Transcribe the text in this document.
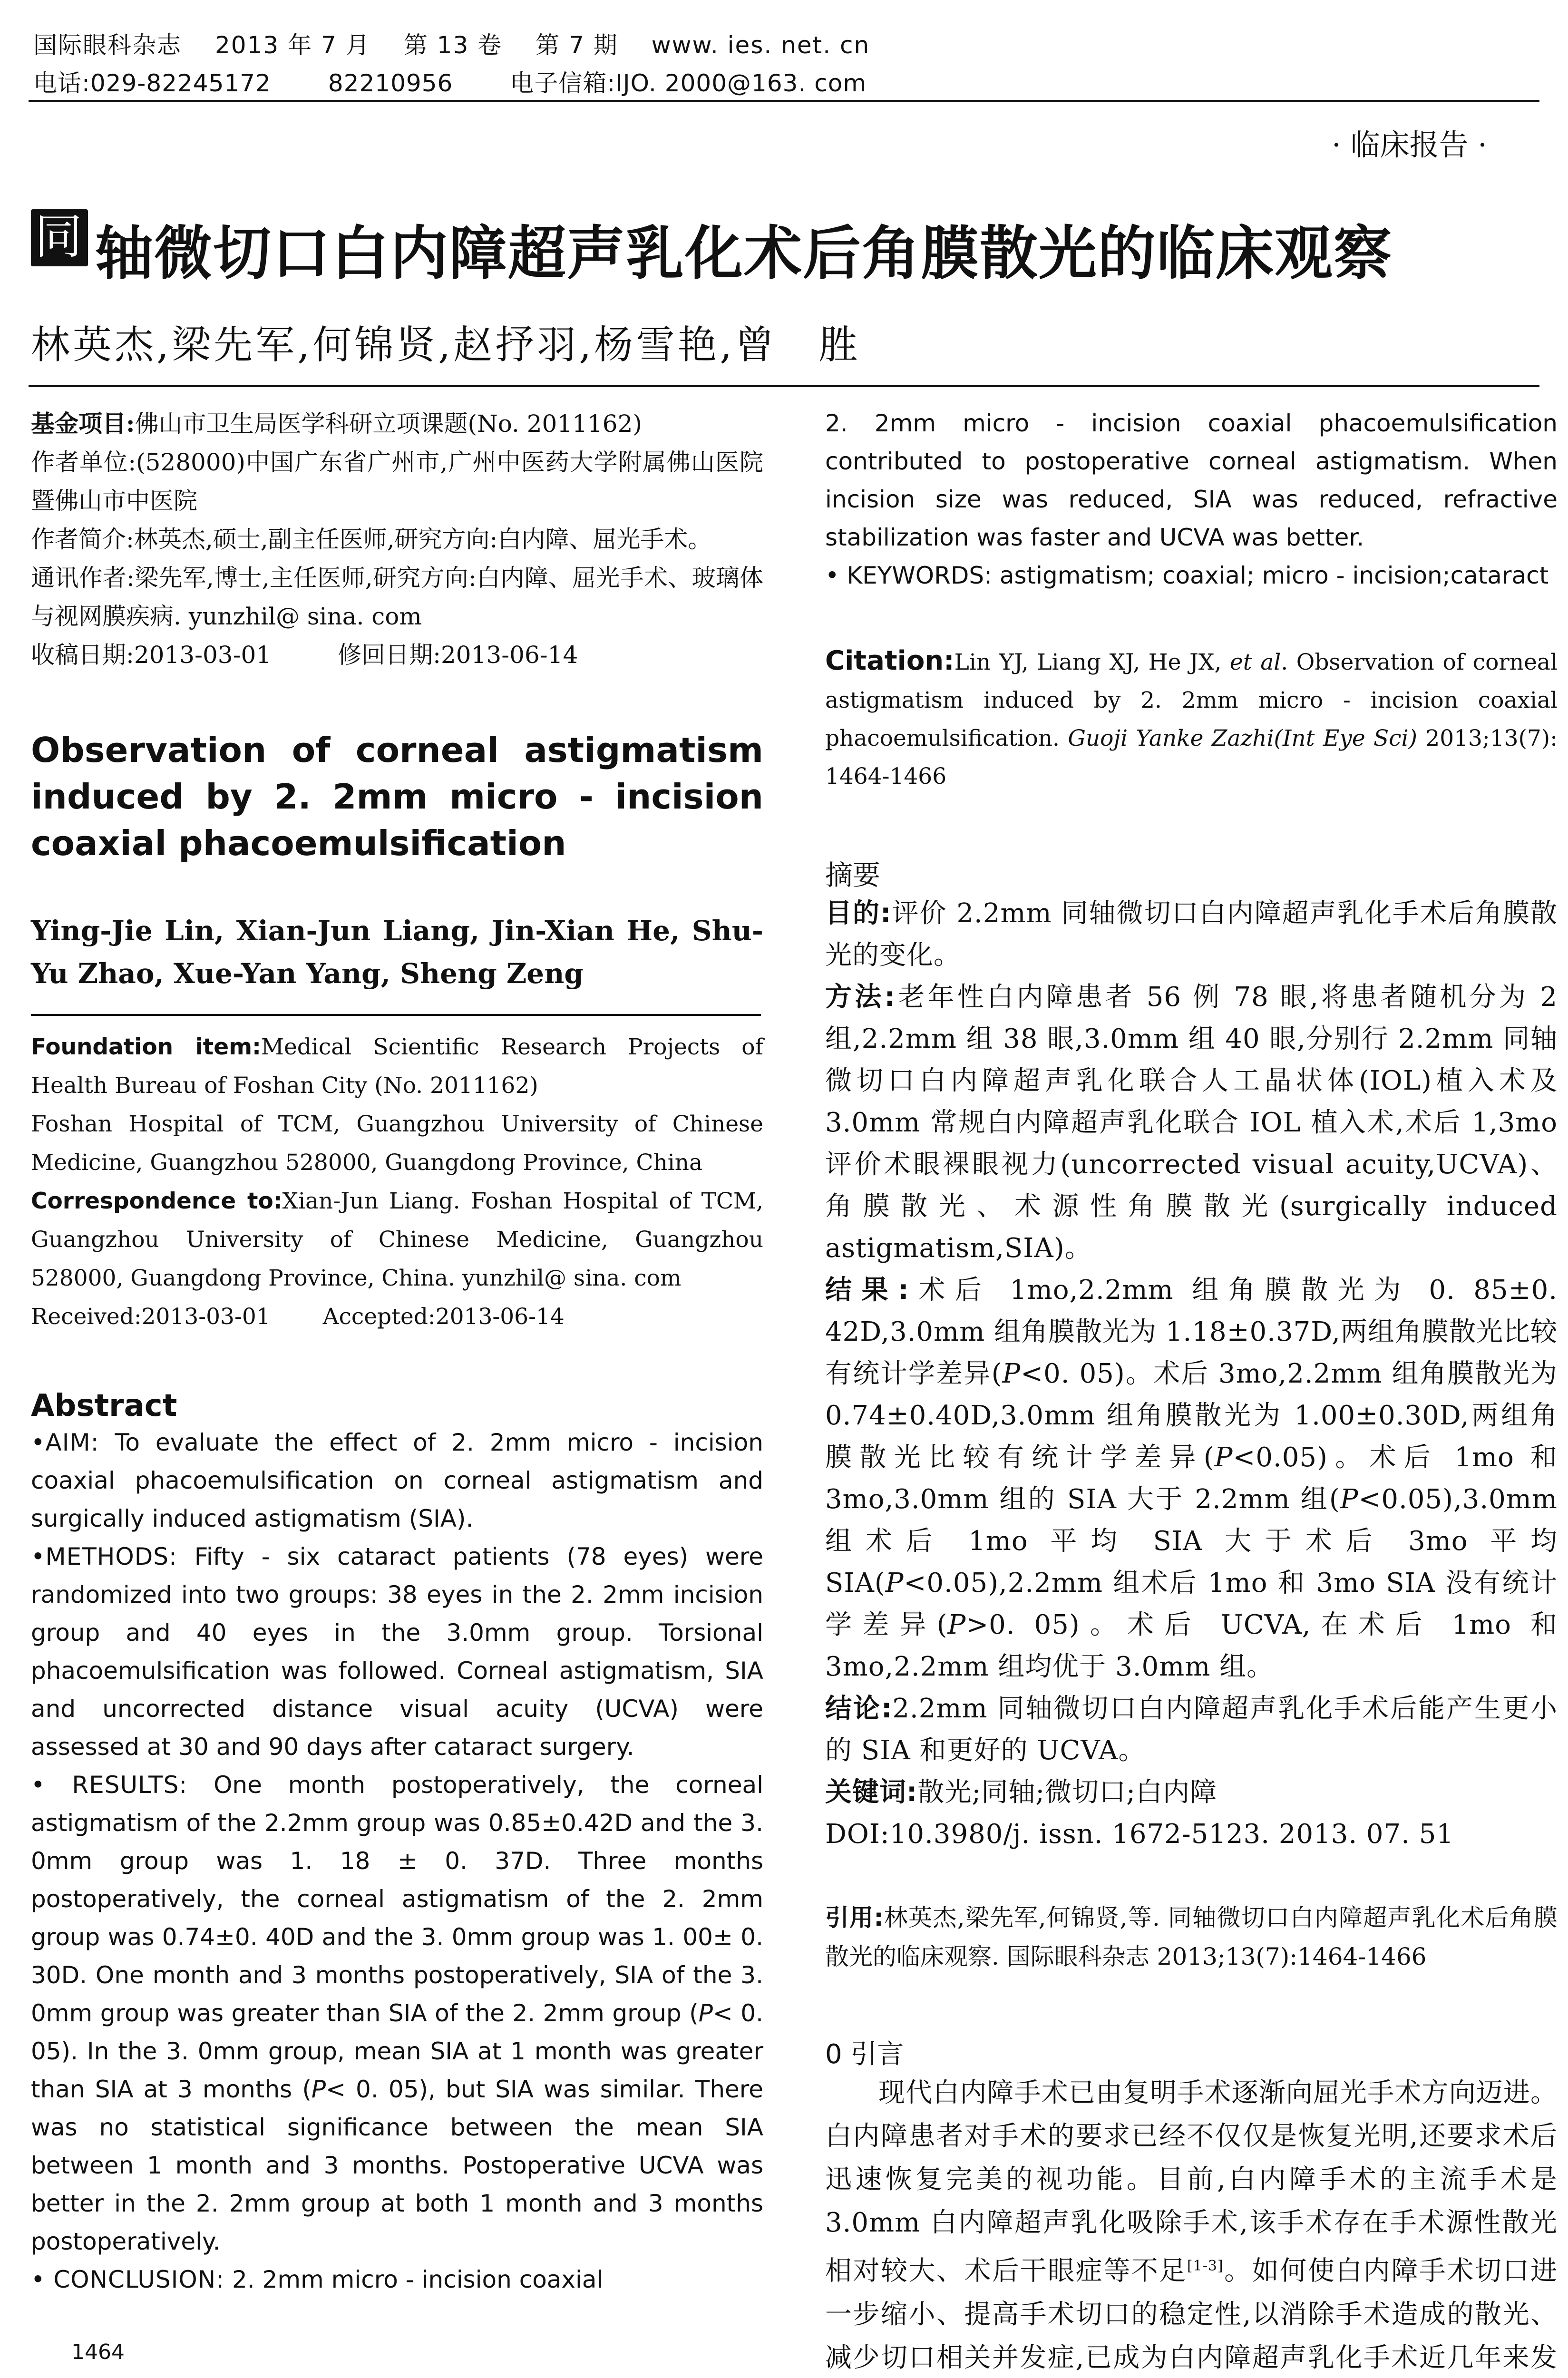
国际眼科杂志 2013 年 7 月 第 13 卷 第 7 期 www. ies. net. cn
电话:029-82245172 82210956 电子信箱:IJO. 2000@163. com
· 临床报告 ·
同 轴微切口白内障超声乳化术后角膜散光的临床观察
林英杰,梁先军,何锦贤,赵抒羽,杨雪艳,曾　胜

基金项目:佛山市卫生局医学科研立项课题(No. 2011162)

作者单位:(528000)中国广东省广州市,广州中医药大学附属佛山医院暨佛山市中医院

作者简介:林英杰,硕士,副主任医师,研究方向:白内障、屈光手术。

通讯作者:梁先军,博士,主任医师,研究方向:白内障、屈光手术、玻璃体与视网膜疾病. yunzhil@ sina. com

收稿日期:2013-03-01	修回日期:2013-06-14

Observation of corneal astigmatism induced by 2. 2mm micro - incision coaxial phacoemulsification
Ying-Jie Lin, Xian-Jun Liang, Jin-Xian He, Shu-Yu Zhao, Xue-Yan Yang, Sheng Zeng

Foundation item:Medical Scientific Research Projects of Health Bureau of Foshan City (No. 2011162)

Foshan Hospital of TCM, Guangzhou University of Chinese Medicine, Guangzhou 528000, Guangdong Province, China

Correspondence to:Xian-Jun Liang. Foshan Hospital of TCM, Guangzhou University of Chinese Medicine, Guangzhou 528000, Guangdong Province, China. yunzhil@ sina. com

Received:2013-03-01 Accepted:2013-06-14

Abstract

•AIM: To evaluate the effect of 2. 2mm micro - incision coaxial phacoemulsification on corneal astigmatism and surgically induced astigmatism (SIA).

•METHODS: Fifty - six cataract patients (78 eyes) were randomized into two groups: 38 eyes in the 2. 2mm incision group and 40 eyes in the 3.0mm group. Torsional phacoemulsification was followed. Corneal astigmatism, SIA and uncorrected distance visual acuity (UCVA) were assessed at 30 and 90 days after cataract surgery.

• RESULTS: One month postoperatively, the corneal astigmatism of the 2.2mm group was 0.85±0.42D and the 3. 0mm group was 1. 18 ± 0. 37D. Three months postoperatively, the corneal astigmatism of the 2. 2mm group was 0.74±0. 40D and the 3. 0mm group was 1. 00± 0. 30D. One month and 3 months postoperatively, SIA of the 3. 0mm group was greater than SIA of the 2. 2mm group (P< 0. 05). In the 3. 0mm group, mean SIA at 1 month was greater than SIA at 3 months (P< 0. 05), but SIA was similar. There was no statistical significance between the mean SIA between 1 month and 3 months. Postoperative UCVA was better in the 2. 2mm group at both 1 month and 3 months postoperatively.

• CONCLUSION: 2. 2mm micro - incision coaxial

1464

2. 2mm micro - incision coaxial phacoemulsification contributed to postoperative corneal astigmatism. When incision size was reduced, SIA was reduced, refractive stabilization was faster and UCVA was better.

• KEYWORDS: astigmatism; coaxial; micro - incision;cataract

Citation:Lin YJ, Liang XJ, He JX, et al. Observation of corneal astigmatism induced by 2. 2mm micro - incision coaxial phacoemulsification. Guoji Yanke Zazhi(Int Eye Sci) 2013;13(7): 1464-1466

摘要

目的:评价 2.2mm 同轴微切口白内障超声乳化手术后角膜散光的变化。

方法:老年性白内障患者 56 例 78 眼,将患者随机分为 2 组,2.2mm 组 38 眼,3.0mm 组 40 眼,分别行 2.2mm 同轴微切口白内障超声乳化联合人工晶状体(IOL)植入术及 3.0mm 常规白内障超声乳化联合 IOL 植入术,术后 1,3mo 评价术眼裸眼视力(uncorrected visual acuity,UCVA)、角膜散光、术源性角膜散光(surgically induced astigmatism,SIA)。

结果:术后 1mo,2.2mm 组角膜散光为 0. 85±0. 42D,3.0mm 组角膜散光为 1.18±0.37D,两组角膜散光比较有统计学差异(P<0. 05)。术后 3mo,2.2mm 组角膜散光为 0.74±0.40D,3.0mm 组角膜散光为 1.00±0.30D,两组角膜散光比较有统计学差异(P<0.05)。术后 1mo 和 3mo,3.0mm 组的 SIA 大于 2.2mm 组(P<0.05),3.0mm 组术后 1mo 平均 SIA 大于术后 3mo 平均 SIA(P<0.05),2.2mm 组术后 1mo 和 3mo SIA 没有统计学差异(P>0. 05)。术后 UCVA,在术后 1mo 和 3mo,2.2mm 组均优于 3.0mm 组。

结论:2.2mm 同轴微切口白内障超声乳化手术后能产生更小的 SIA 和更好的 UCVA。

关键词:散光;同轴;微切口;白内障

DOI:10.3980/j. issn. 1672-5123. 2013. 07. 51

引用:林英杰,梁先军,何锦贤,等. 同轴微切口白内障超声乳化术后角膜散光的临床观察. 国际眼科杂志 2013;13(7):1464-1466

0 引言

现代白内障手术已由复明手术逐渐向屈光手术方向迈进。白内障患者对手术的要求已经不仅仅是恢复光明,还要求术后迅速恢复完美的视功能。目前,白内障手术的主流手术是 3.0mm 白内障超声乳化吸除手术,该手术存在手术源性散光相对较大、术后干眼症等不足[1-3]。如何使白内障手术切口进一步缩小、提高手术切口的稳定性,以消除手术造成的散光、减少切口相关并发症,已成为白内障超声乳化手术近几年来发
